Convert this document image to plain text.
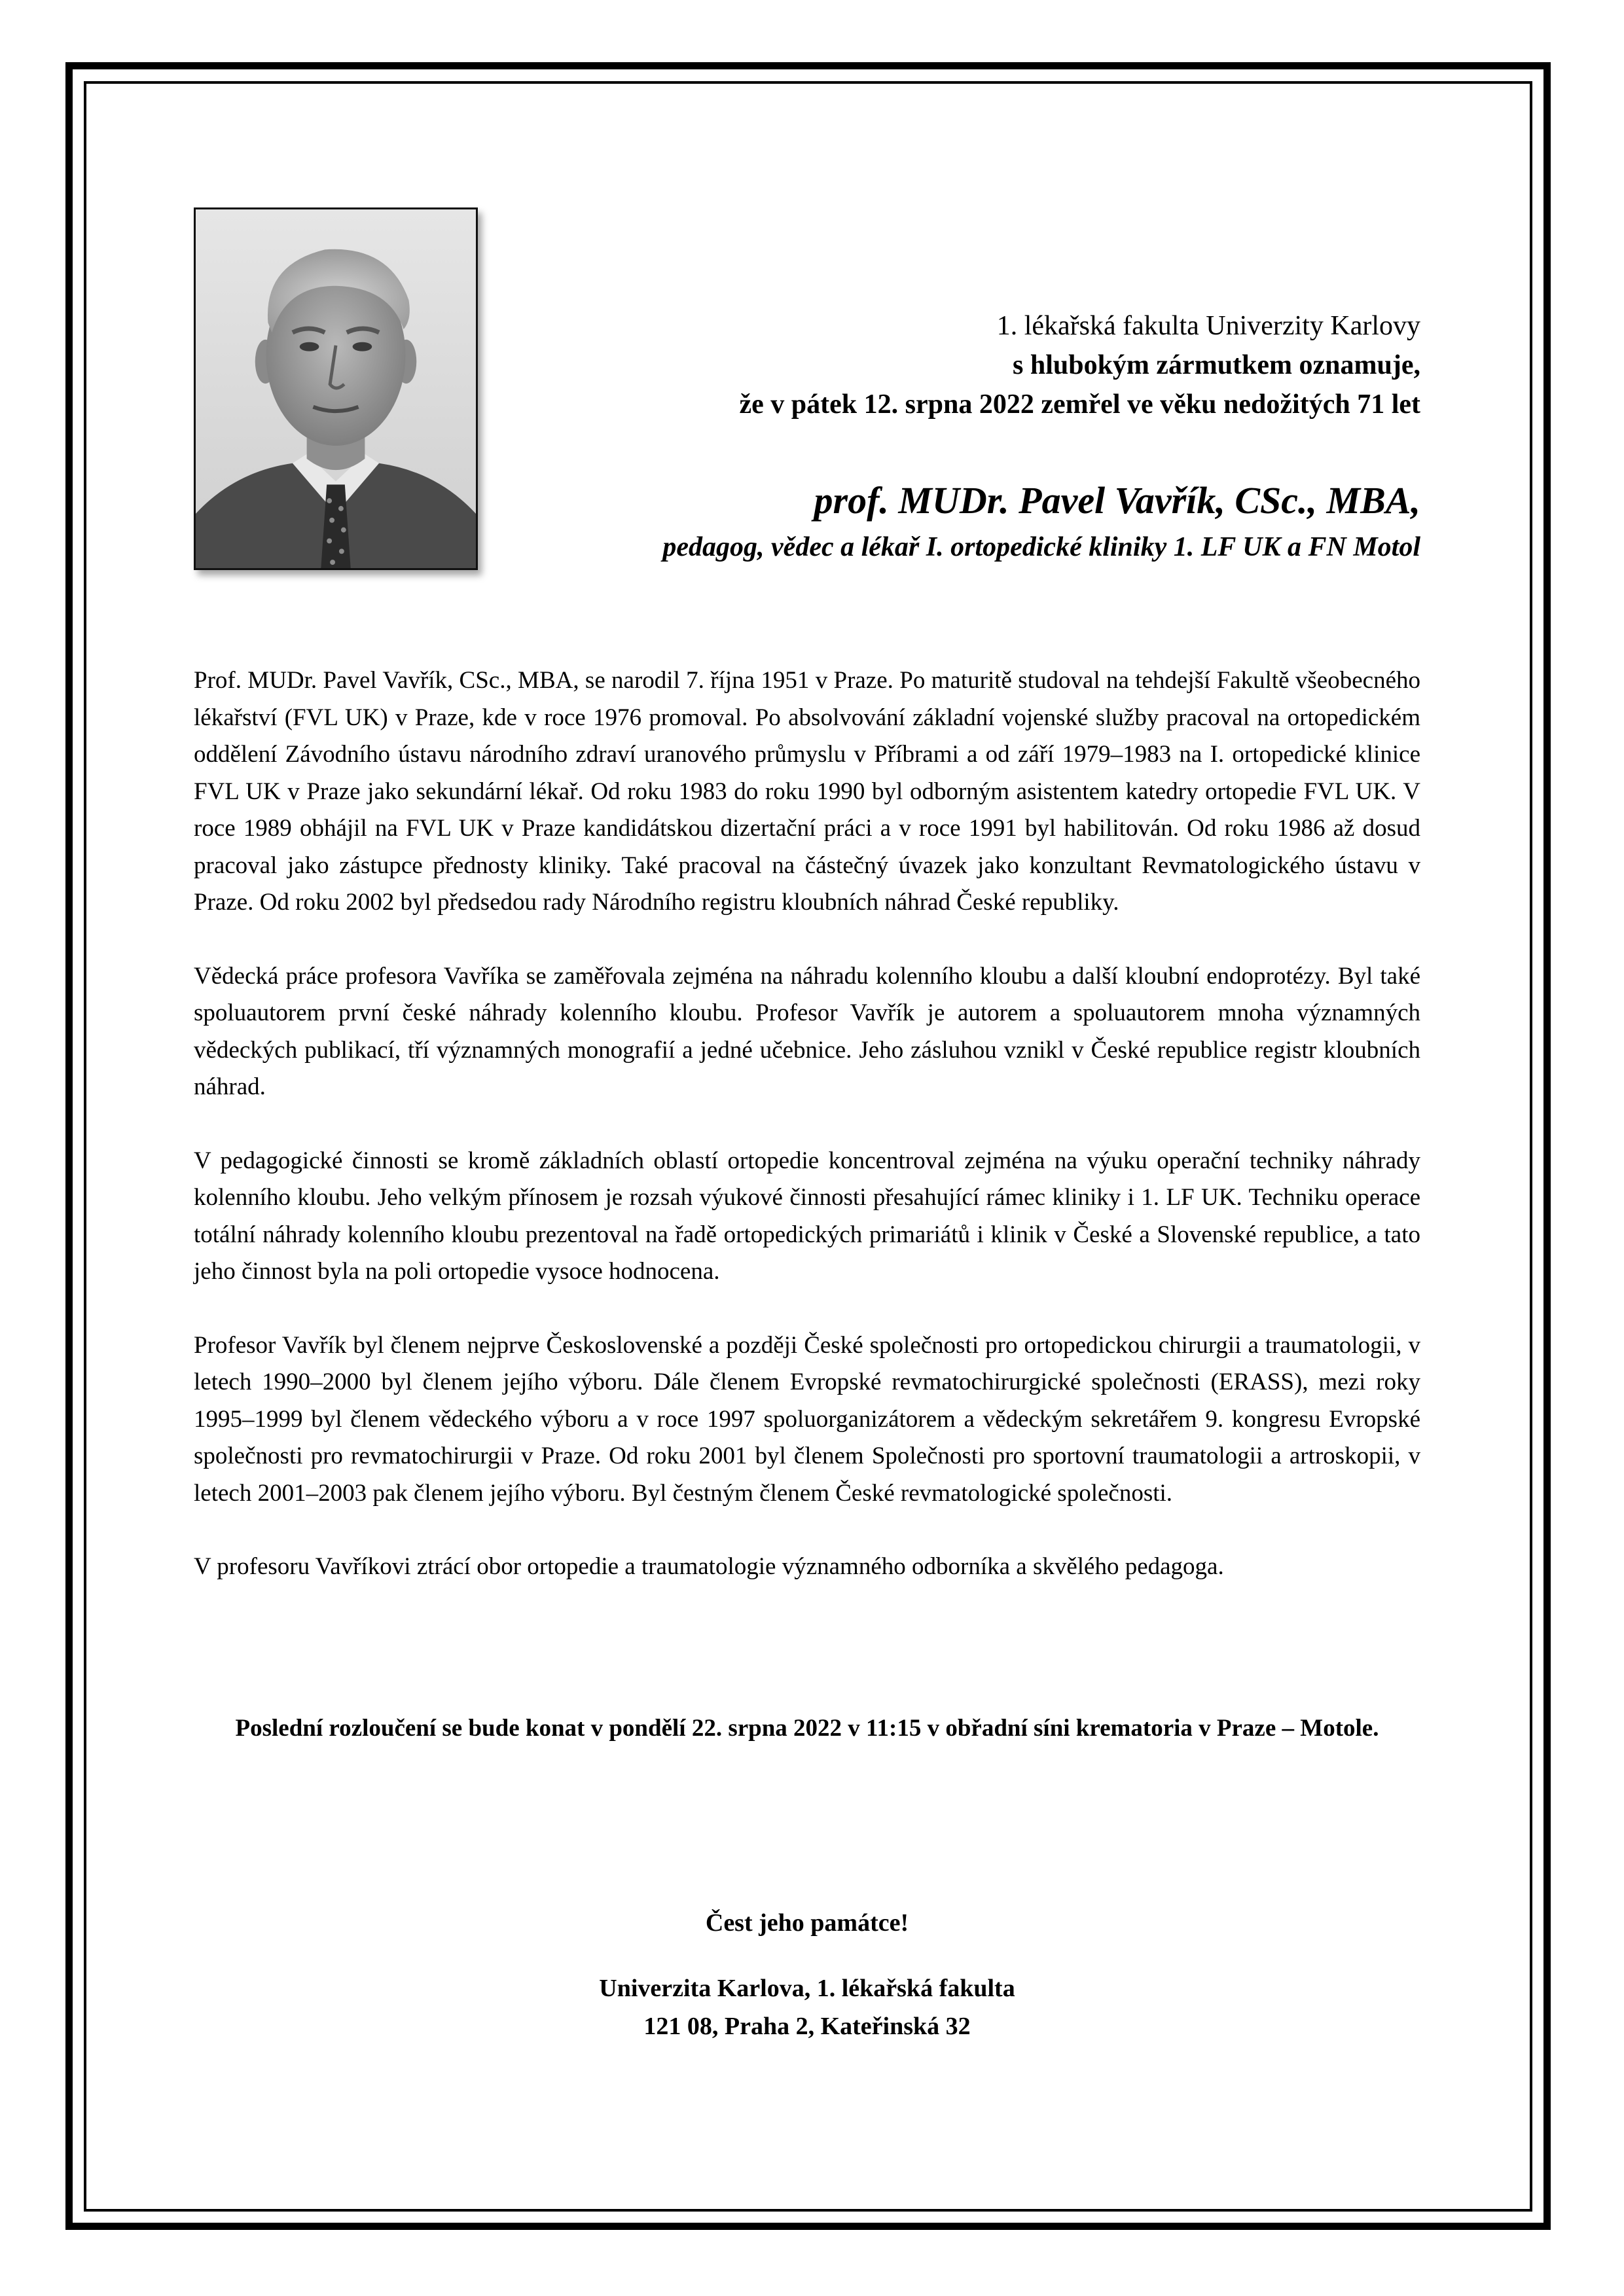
1. lékařská fakulta Univerzity Karlovy
s hlubokým zármutkem oznamuje,
že v pátek 12. srpna 2022 zemřel ve věku nedožitých 71 let
prof. MUDr. Pavel Vavřík, CSc., MBA,
pedagog, vědec a lékař I. ortopedické kliniky 1. LF UK a FN Motol

Prof. MUDr. Pavel Vavřík, CSc., MBA, se narodil 7. října 1951 v Praze. Po maturitě studoval na tehdejší Fakultě všeobecného lékařství (FVL UK) v Praze, kde v roce 1976 promoval. Po absolvování základní vojenské služby pracoval na ortopedickém oddělení Závodního ústavu národního zdraví uranového průmyslu v Příbrami a od září 1979–1983 na I. ortopedické klinice FVL UK v Praze jako sekundární lékař. Od roku 1983 do roku 1990 byl odborným asistentem katedry ortopedie FVL UK. V roce 1989 obhájil na FVL UK v Praze kandidátskou dizertační práci a v roce 1991 byl habilitován. Od roku 1986 až dosud pracoval jako zástupce přednosty kliniky. Také pracoval na částečný úvazek jako konzultant Revmatologického ústavu v Praze. Od roku 2002 byl předsedou rady Národního registru kloubních náhrad České republiky.

Vědecká práce profesora Vavříka se zaměřovala zejména na náhradu kolenního kloubu a další kloubní endoprotézy. Byl také spoluautorem první české náhrady kolenního kloubu. Profesor Vavřík je autorem a spoluautorem mnoha významných vědeckých publikací, tří významných monografií a jedné učebnice. Jeho zásluhou vznikl v České republice registr kloubních náhrad.

V pedagogické činnosti se kromě základních oblastí ortopedie koncentroval zejména na výuku operační techniky náhrady kolenního kloubu. Jeho velkým přínosem je rozsah výukové činnosti přesahující rámec kliniky i 1. LF UK. Techniku operace totální náhrady kolenního kloubu prezentoval na řadě ortopedických primariátů i klinik v České a Slovenské republice, a tato jeho činnost byla na poli ortopedie vysoce hodnocena.

Profesor Vavřík byl členem nejprve Československé a později České společnosti pro ortopedickou chirurgii a traumatologii, v letech 1990–2000 byl členem jejího výboru. Dále členem Evropské revmatochirurgické společnosti (ERASS), mezi roky 1995–1999 byl členem vědeckého výboru a v roce 1997 spoluorganizátorem a vědeckým sekretářem 9. kongresu Evropské společnosti pro revmatochirurgii v Praze. Od roku 2001 byl členem Společnosti pro sportovní traumatologii a artroskopii, v letech 2001–2003 pak členem jejího výboru. Byl čestným členem České revmatologické společnosti.

V profesoru Vavříkovi ztrácí obor ortopedie a traumatologie významného odborníka a skvělého pedagoga.

Poslední rozloučení se bude konat v pondělí 22. srpna 2022 v 11:15 v obřadní síni krematoria v Praze – Motole.
Čest jeho památce!
Univerzita Karlova, 1. lékařská fakulta
121 08, Praha 2, Kateřinská 32
